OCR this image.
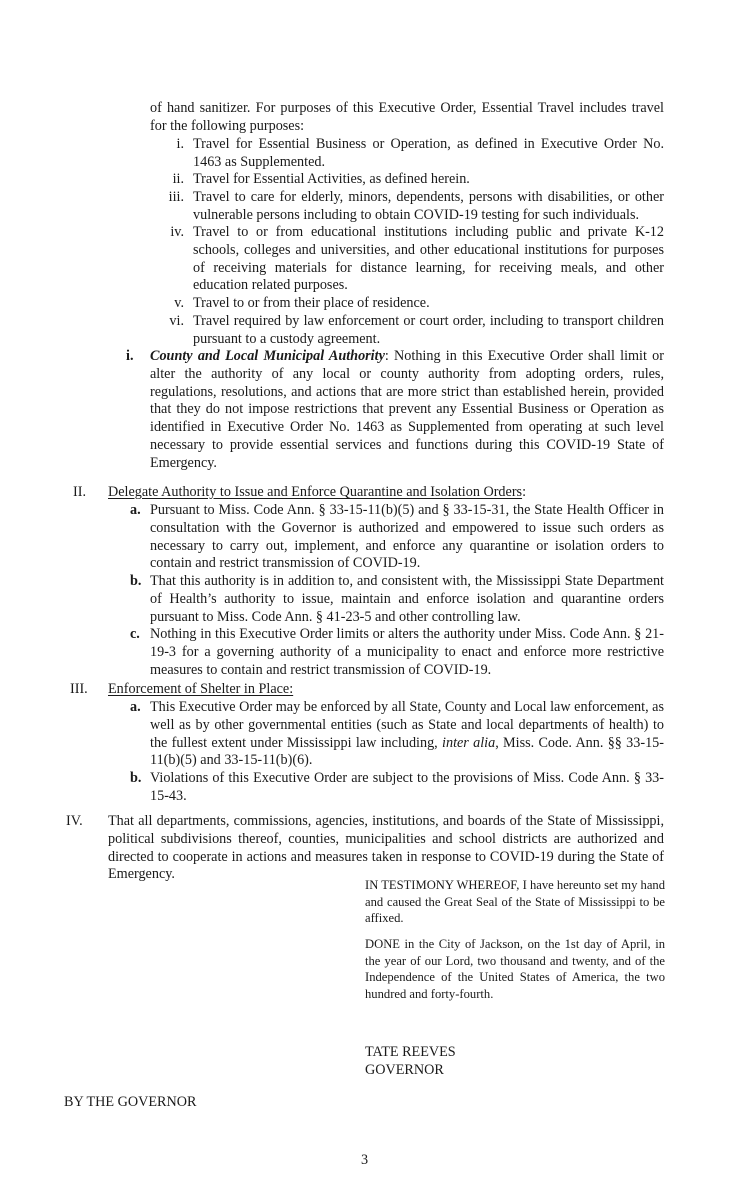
of hand sanitizer. For purposes of this Executive Order, Essential Travel includes travel for the following purposes:
i. Travel for Essential Business or Operation, as defined in Executive Order No. 1463 as Supplemented.
ii. Travel for Essential Activities, as defined herein.
iii. Travel to care for elderly, minors, dependents, persons with disabilities, or other vulnerable persons including to obtain COVID-19 testing for such individuals.
iv. Travel to or from educational institutions including public and private K-12 schools, colleges and universities, and other educational institutions for purposes of receiving materials for distance learning, for receiving meals, and other education related purposes.
v. Travel to or from their place of residence.
vi. Travel required by law enforcement or court order, including to transport children pursuant to a custody agreement.
i. County and Local Municipal Authority: Nothing in this Executive Order shall limit or alter the authority of any local or county authority from adopting orders, rules, regulations, resolutions, and actions that are more strict than established herein, provided that they do not impose restrictions that prevent any Essential Business or Operation as identified in Executive Order No. 1463 as Supplemented from operating at such level necessary to provide essential services and functions during this COVID-19 State of Emergency.
II. Delegate Authority to Issue and Enforce Quarantine and Isolation Orders:
a. Pursuant to Miss. Code Ann. § 33-15-11(b)(5) and § 33-15-31, the State Health Officer in consultation with the Governor is authorized and empowered to issue such orders as necessary to carry out, implement, and enforce any quarantine or isolation orders to contain and restrict transmission of COVID-19.
b. That this authority is in addition to, and consistent with, the Mississippi State Department of Health’s authority to issue, maintain and enforce isolation and quarantine orders pursuant to Miss. Code Ann. § 41-23-5 and other controlling law.
c. Nothing in this Executive Order limits or alters the authority under Miss. Code Ann. § 21-19-3 for a governing authority of a municipality to enact and enforce more restrictive measures to contain and restrict transmission of COVID-19.
III. Enforcement of Shelter in Place:
a. This Executive Order may be enforced by all State, County and Local law enforcement, as well as by other governmental entities (such as State and local departments of health) to the fullest extent under Mississippi law including, inter alia, Miss. Code. Ann. §§ 33-15-11(b)(5) and 33-15-11(b)(6).
b. Violations of this Executive Order are subject to the provisions of Miss. Code Ann. § 33-15-43.
IV. That all departments, commissions, agencies, institutions, and boards of the State of Mississippi, political subdivisions thereof, counties, municipalities and school districts are authorized and directed to cooperate in actions and measures taken in response to COVID-19 during the State of Emergency.
IN TESTIMONY WHEREOF, I have hereunto set my hand and caused the Great Seal of the State of Mississippi to be affixed.
DONE in the City of Jackson, on the 1st day of April, in the year of our Lord, two thousand and twenty, and of the Independence of the United States of America, the two hundred and forty-fourth.
TATE REEVES
GOVERNOR
BY THE GOVERNOR
3
